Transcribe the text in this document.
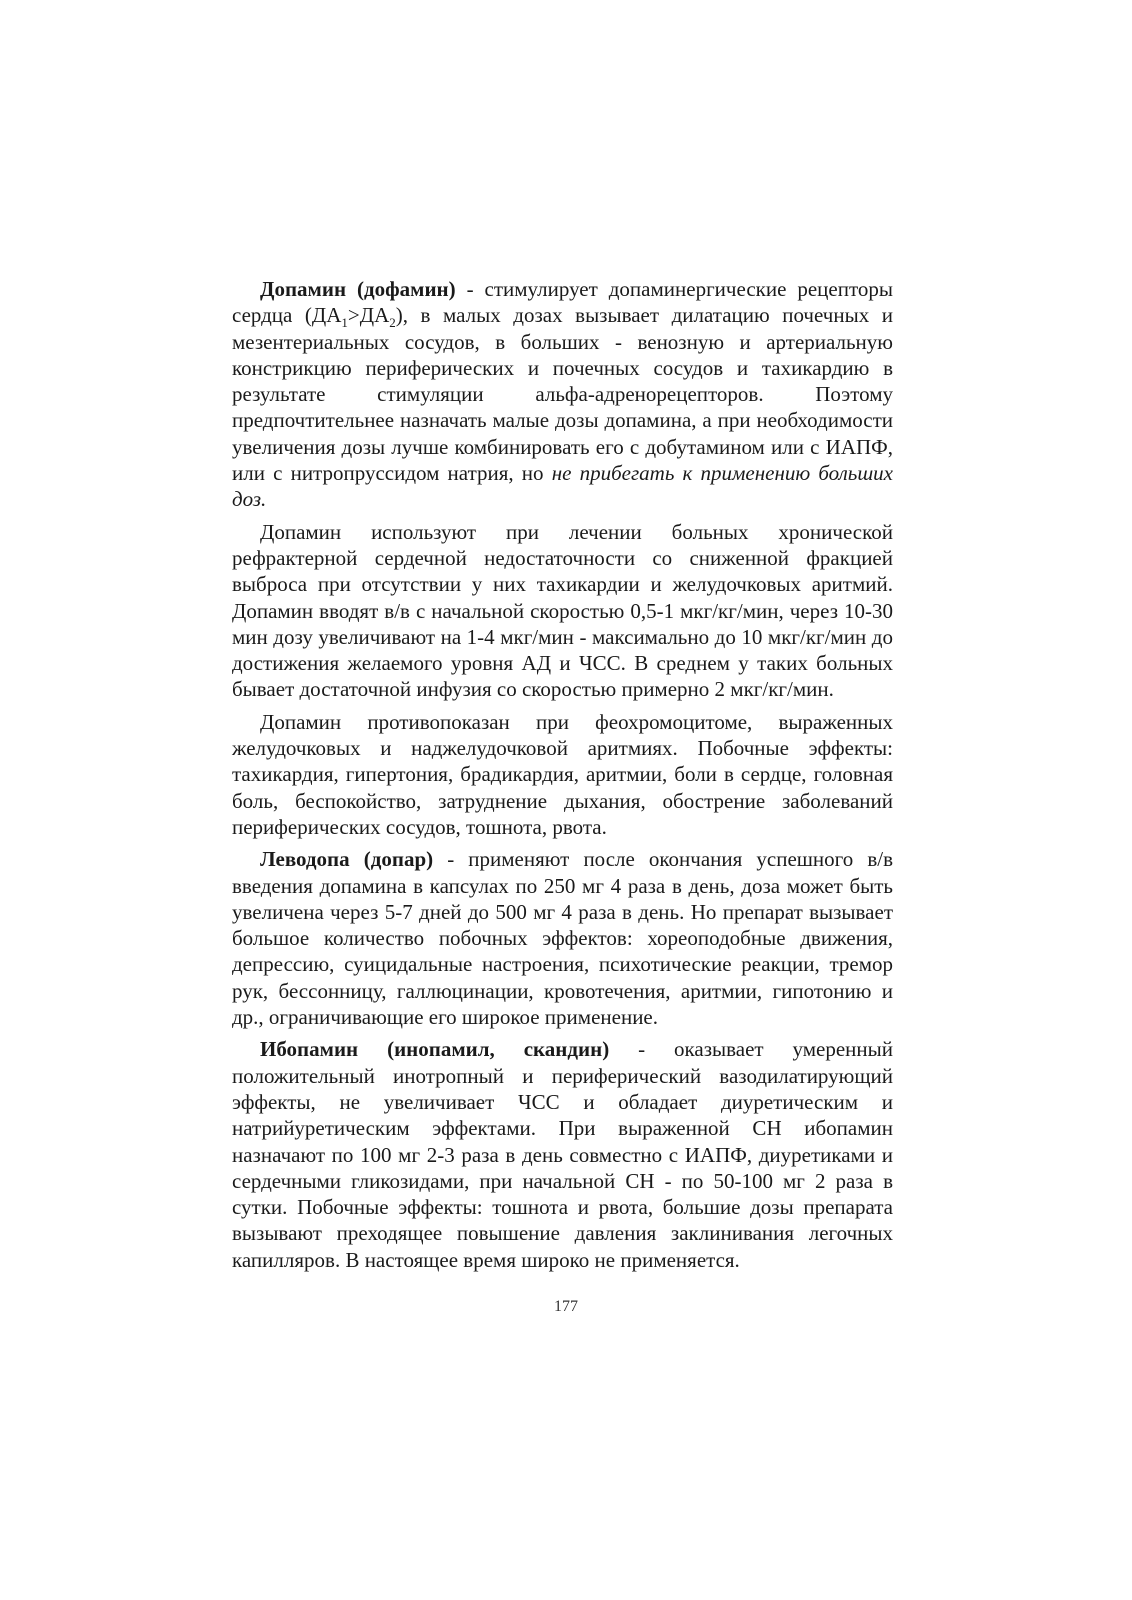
Допамин (дофамин) - стимулирует допаминергические рецепторы сердца $(ДА_1>ДА_2)$, в малых дозах вызывает дилатацию почечных и мезентериальных сосудов, в больших - венозную и артериальную констрикцию периферических и почечных сосудов и тахикардию в результате стимуляции альфа-адренорецепторов. Поэтому предпочтительнее назначать малые дозы допамина, а при необходимости увеличения дозы лучше комбинировать его с добутамином или с ИАПФ, или с нитропруссидом натрия, но не прибегать к применению больших доз.

Допамин используют при лечении больных хронической рефрактерной сердечной недостаточности со сниженной фракцией выброса при отсутствии у них тахикардии и желудочковых аритмий. Допамин вводят в/в с начальной скоростью 0,5-1 мкг/кг/мин, через 10-30 мин дозу увеличивают на 1-4 мкг/мин - максимально до 10 мкг/кг/мин до достижения желаемого уровня АД и ЧСС. В среднем у таких больных бывает достаточной инфузия со скоростью примерно 2 мкг/кг/мин.

Допамин противопоказан при феохромоцитоме, выраженных желудочковых и наджелудочковой аритмиях. Побочные эффекты: тахикардия, гипертония, брадикардия, аритмии, боли в сердце, головная боль, беспокойство, затруднение дыхания, обострение заболеваний периферических сосудов, тошнота, рвота.

Леводопа (допар) - применяют после окончания успешного в/в введения допамина в капсулах по 250 мг 4 раза в день, доза может быть увеличена через 5-7 дней до 500 мг 4 раза в день. Но препарат вызывает большое количество побочных эффектов: хореоподобные движения, депрессию, суицидальные настроения, психотические реакции, тремор рук, бессонницу, галлюцинации, кровотечения, аритмии, гипотонию и др., ограничивающие его широкое применение.

Ибопамин (инопамил, скандин) - оказывает умеренный положительный инотропный и периферический вазодилатирующий эффекты, не увеличивает ЧСС и обладает диуретическим и натрийуретическим эффектами. При выраженной СН ибопамин назначают по 100 мг 2-3 раза в день совместно с ИАПФ, диуретиками и сердечными гликозидами, при начальной СН - по 50-100 мг 2 раза в сутки. Побочные эффекты: тошнота и рвота, большие дозы препарата вызывают преходящее повышение давления заклинивания легочных капилляров. В настоящее время широко не применяется.

177
